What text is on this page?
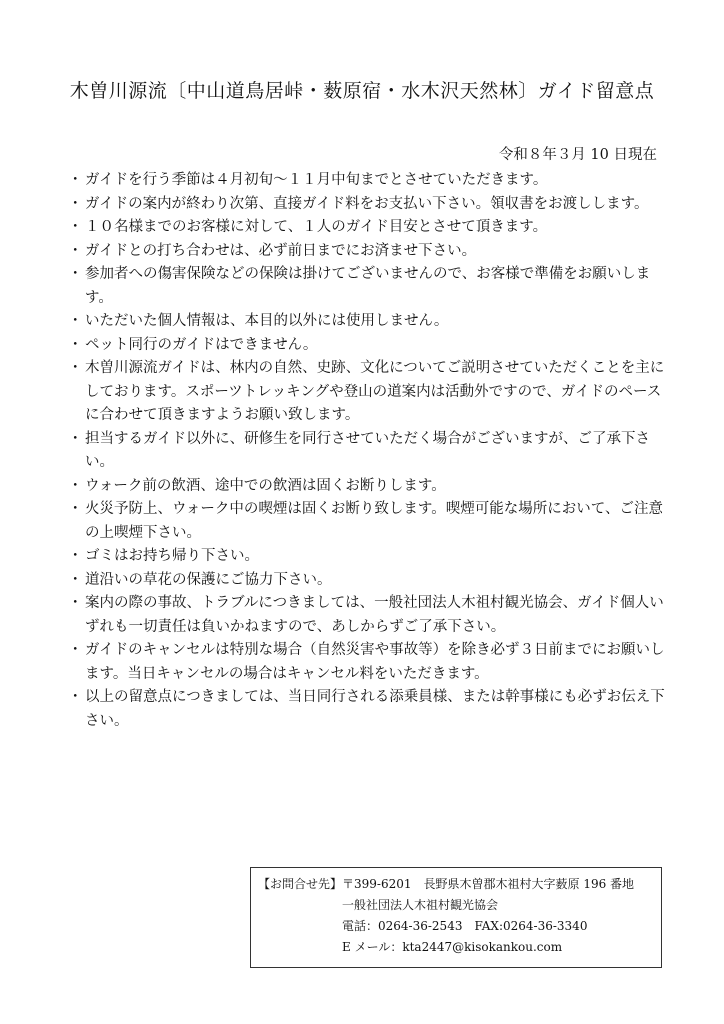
木曽川源流〔中山道鳥居峠・薮原宿・水木沢天然林〕ガイド留意点
令和８年３月 10 日現在
・ ガイドを行う季節は４月初旬～１１月中旬までとさせていただきます。
・ ガイドの案内が終わり次第、直接ガイド料をお支払い下さい。領収書をお渡しします。
・ １０名様までのお客様に対して、１人のガイド目安とさせて頂きます。
・ ガイドとの打ち合わせは、必ず前日までにお済ませ下さい。
・ 参加者への傷害保険などの保険は掛けてございませんので、お客様で準備をお願いします。
・ いただいた個人情報は、本目的以外には使用しません。
・ ペット同行のガイドはできません。
・ 木曽川源流ガイドは、林内の自然、史跡、文化についてご説明させていただくことを主にしております。スポーツトレッキングや登山の道案内は活動外ですので、ガイドのペースに合わせて頂きますようお願い致します。
・ 担当するガイド以外に、研修生を同行させていただく場合がございますが、ご了承下さい。
・ ウォーク前の飲酒、途中での飲酒は固くお断りします。
・ 火災予防上、ウォーク中の喫煙は固くお断り致します。喫煙可能な場所において、ご注意の上喫煙下さい。
・ ゴミはお持ち帰り下さい。
・ 道沿いの草花の保護にご協力下さい。
・ 案内の際の事故、トラブルにつきましては、一般社団法人木祖村観光協会、ガイド個人いずれも一切責任は負いかねますので、あしからずご了承下さい。
・ ガイドのキャンセルは特別な場合（自然災害や事故等）を除き必ず３日前までにお願いします。当日キャンセルの場合はキャンセル料をいただきます。
・ 以上の留意点につきましては、当日同行される添乗員様、または幹事様にも必ずお伝え下さい。
【お問合せ先】〒399-6201　長野県木曽郡木祖村大字薮原 196 番地
一般社団法人木祖村観光協会
電話：0264-36-2543　FAX:0264-36-3340
E メール：kta2447@kisokankou.com
